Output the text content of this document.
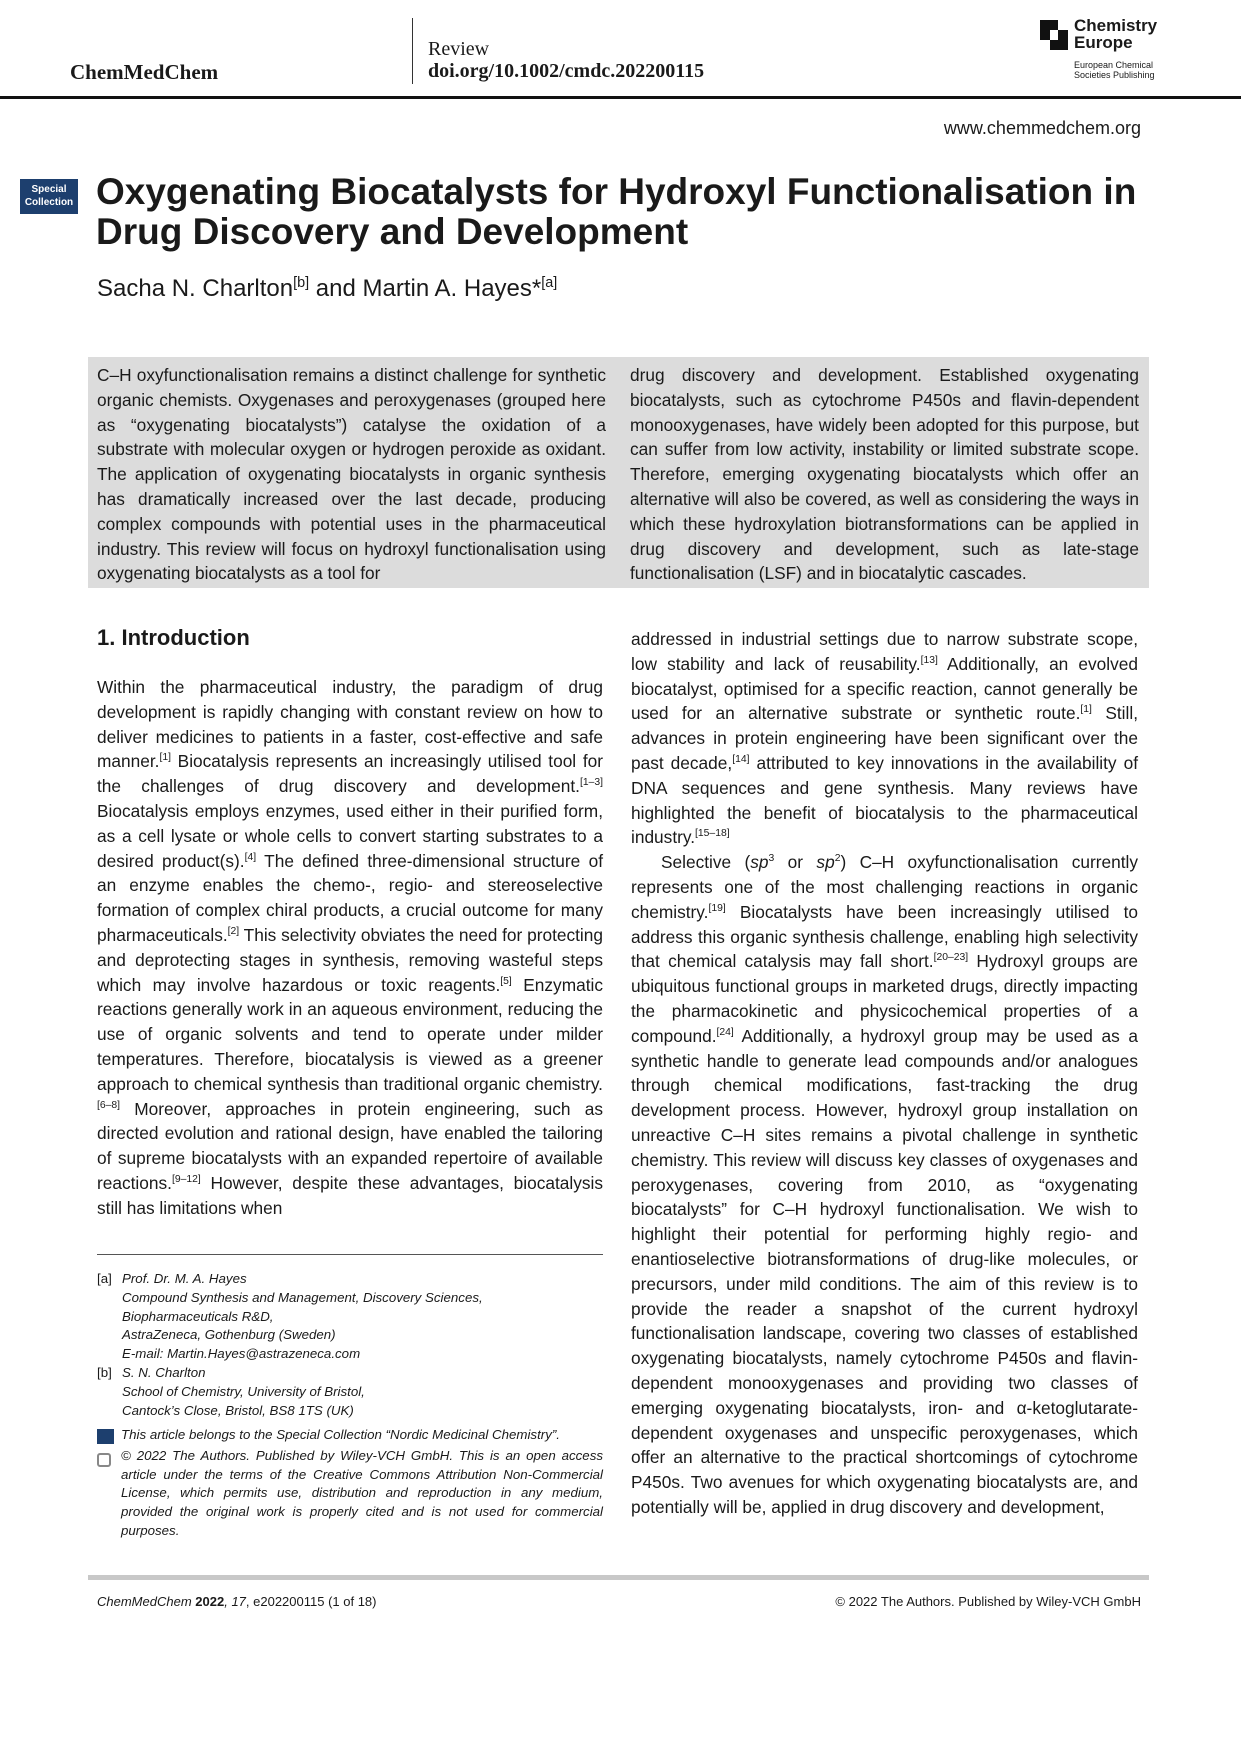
ChemMedChem
Review
doi.org/10.1002/cmdc.202200115
Chemistry
Europe
European Chemical
Societies Publishing
www.chemmedchem.org
Special
Collection Oxygenating Biocatalysts for Hydroxyl Functionalisation in Drug Discovery and Development
Sacha N. Charlton[b] and Martin A. Hayes*[a]
C–H oxyfunctionalisation remains a distinct challenge for synthetic organic chemists. Oxygenases and peroxygenases (grouped here as “oxygenating biocatalysts”) catalyse the oxidation of a substrate with molecular oxygen or hydrogen peroxide as oxidant. The application of oxygenating biocatalysts in organic synthesis has dramatically increased over the last decade, producing complex compounds with potential uses in the pharmaceutical industry. This review will focus on hydroxyl functionalisation using oxygenating biocatalysts as a tool for
drug discovery and development. Established oxygenating biocatalysts, such as cytochrome P450s and flavin-dependent monooxygenases, have widely been adopted for this purpose, but can suffer from low activity, instability or limited substrate scope. Therefore, emerging oxygenating biocatalysts which offer an alternative will also be covered, as well as considering the ways in which these hydroxylation biotransformations can be applied in drug discovery and development, such as late-stage functionalisation (LSF) and in biocatalytic cascades.
1. Introduction

Within the pharmaceutical industry, the paradigm of drug development is rapidly changing with constant review on how to deliver medicines to patients in a faster, cost-effective and safe manner.[1] Biocatalysis represents an increasingly utilised tool for the challenges of drug discovery and development.[1–3] Biocatalysis employs enzymes, used either in their purified form, as a cell lysate or whole cells to convert starting substrates to a desired product(s).[4] The defined three-dimensional structure of an enzyme enables the chemo-, regio- and stereoselective formation of complex chiral products, a crucial outcome for many pharmaceuticals.[2] This selectivity obviates the need for protecting and deprotecting stages in synthesis, removing wasteful steps which may involve hazardous or toxic reagents.[5] Enzymatic reactions generally work in an aqueous environment, reducing the use of organic solvents and tend to operate under milder temperatures. Therefore, biocatalysis is viewed as a greener approach to chemical synthesis than traditional organic chemistry.[6–8] Moreover, approaches in protein engineering, such as directed evolution and rational design, have enabled the tailoring of supreme biocatalysts with an expanded repertoire of available reactions.[9–12] However, despite these advantages, biocatalysis still has limitations when

addressed in industrial settings due to narrow substrate scope, low stability and lack of reusability.[13] Additionally, an evolved biocatalyst, optimised for a specific reaction, cannot generally be used for an alternative substrate or synthetic route.[1] Still, advances in protein engineering have been significant over the past decade,[14] attributed to key innovations in the availability of DNA sequences and gene synthesis. Many reviews have highlighted the benefit of biocatalysis to the pharmaceutical industry.[15–18]

Selective ($sp^3$ or $sp^2$) C–H oxyfunctionalisation currently represents one of the most challenging reactions in organic chemistry.[19] Biocatalysts have been increasingly utilised to address this organic synthesis challenge, enabling high selectivity that chemical catalysis may fall short.[20–23] Hydroxyl groups are ubiquitous functional groups in marketed drugs, directly impacting the pharmacokinetic and physicochemical properties of a compound.[24] Additionally, a hydroxyl group may be used as a synthetic handle to generate lead compounds and/or analogues through chemical modifications, fast-tracking the drug development process. However, hydroxyl group installation on unreactive C–H sites remains a pivotal challenge in synthetic chemistry. This review will discuss key classes of oxygenases and peroxygenases, covering from 2010, as “oxygenating biocatalysts” for C–H hydroxyl functionalisation. We wish to highlight their potential for performing highly regio- and enantioselective biotransformations of drug-like molecules, or precursors, under mild conditions. The aim of this review is to provide the reader a snapshot of the current hydroxyl functionalisation landscape, covering two classes of established oxygenating biocatalysts, namely cytochrome P450s and flavin-dependent monooxygenases and providing two classes of emerging oxygenating biocatalysts, iron- and α-ketoglutarate-dependent oxygenases and unspecific peroxygenases, which offer an alternative to the practical shortcomings of cytochrome P450s. Two avenues for which oxygenating biocatalysts are, and potentially will be, applied in drug discovery and development,

[a] Prof. Dr. M. A. Hayes
Compound Synthesis and Management, Discovery Sciences,
Biopharmaceuticals R&D,
AstraZeneca, Gothenburg (Sweden)
E-mail: Martin.Hayes@astrazeneca.com
[b] S. N. Charlton
School of Chemistry, University of Bristol,
Cantock’s Close, Bristol, BS8 1TS (UK)
This article belongs to the Special Collection “Nordic Medicinal Chemistry”.
© 2022 The Authors. Published by Wiley-VCH GmbH. This is an open access article under the terms of the Creative Commons Attribution Non-Commercial License, which permits use, distribution and reproduction in any medium, provided the original work is properly cited and is not used for commercial purposes.
ChemMedChem 2022, 17, e202200115 (1 of 18)	© 2022 The Authors. Published by Wiley-VCH GmbH
